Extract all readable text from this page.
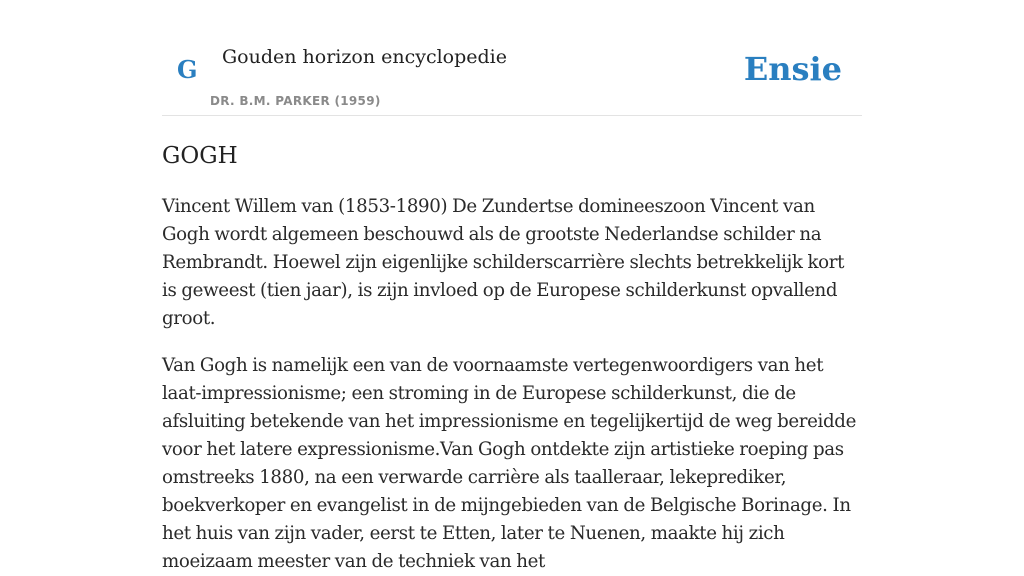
G Gouden horizon encyclopedie
DR. B.M. PARKER (1959)
Ensie
GOGH

Vincent Willem van (1853-1890) De Zundertse domineeszoon Vincent van Gogh wordt algemeen beschouwd als de grootste Nederlandse schilder na Rembrandt. Hoewel zijn eigenlijke schilderscarrière slechts betrekkelijk kort is geweest (tien jaar), is zijn invloed op de Europese schilderkunst opvallend groot.

Van Gogh is namelijk een van de voornaamste vertegenwoordigers van het laat-impressionisme; een stroming in de Europese schilderkunst, die de afsluiting betekende van het impressionisme en tegelijkertijd de weg bereidde voor het latere expressionisme.Van Gogh ontdekte zijn artistieke roeping pas omstreeks 1880, na een verwarde carrière als taalleraar, lekeprediker, boekverkoper en evangelist in de mijngebieden van de Belgische Borinage. In het huis van zijn vader, eerst te Etten, later te Nuenen, maakte hij zich moeizaam meester van de techniek van het
